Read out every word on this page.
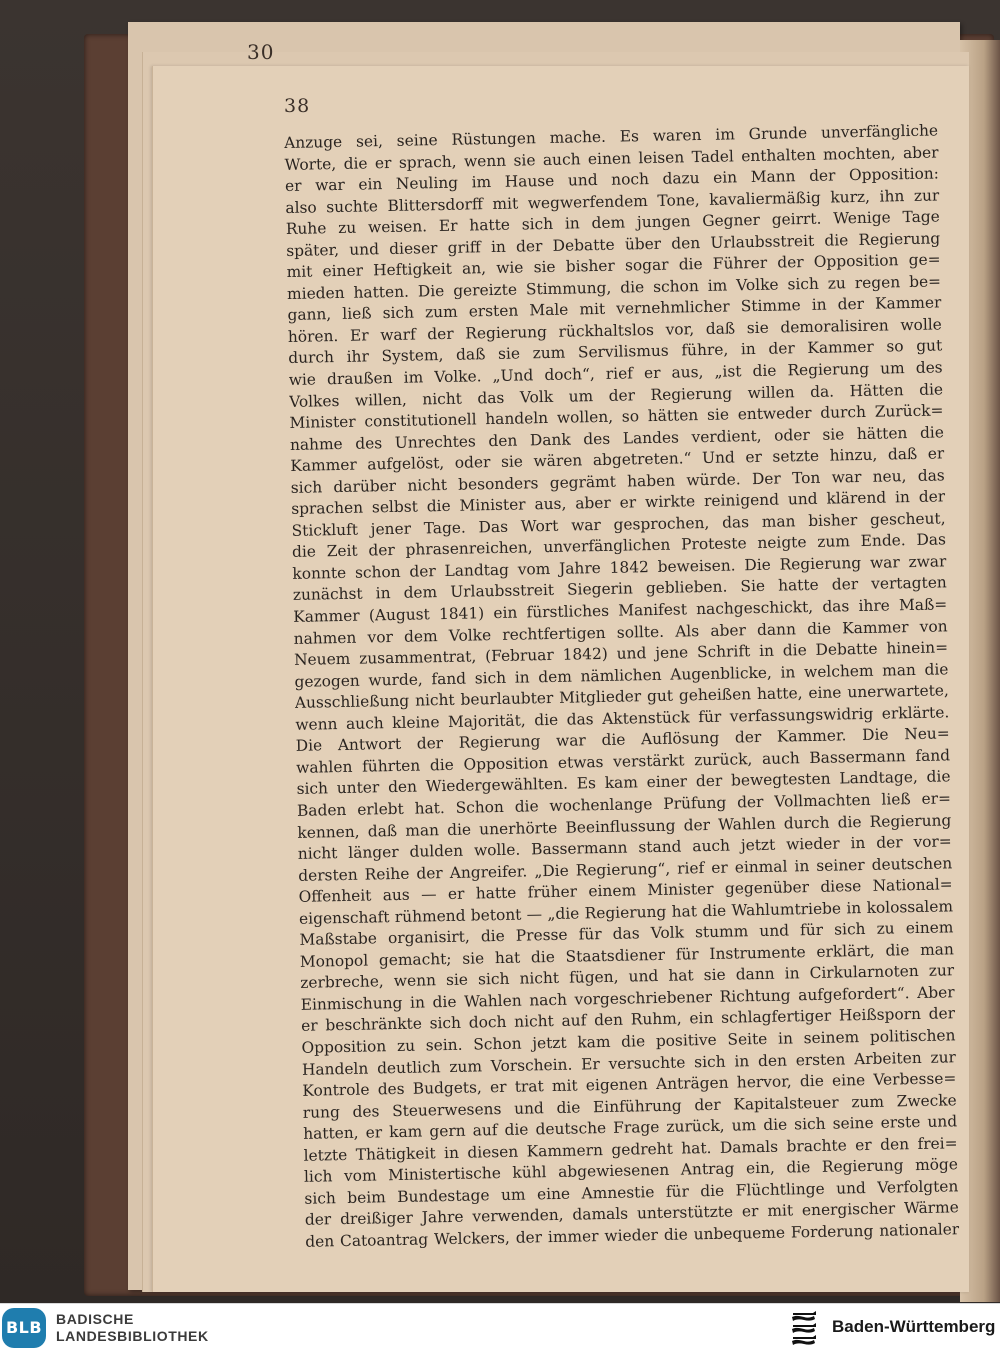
30
38
Anzuge sei, seine Rüstungen mache. Es waren im Grunde unverfängliche
Worte, die er sprach, wenn sie auch einen leisen Tadel enthalten mochten, aber
er war ein Neuling im Hause und noch dazu ein Mann der Opposition:
also suchte Blittersdorff mit wegwerfendem Tone, kavaliermäßig kurz, ihn zur
Ruhe zu weisen. Er hatte sich in dem jungen Gegner geirrt. Wenige Tage
später, und dieser griff in der Debatte über den Urlaubsstreit die Regierung
mit einer Heftigkeit an, wie sie bisher sogar die Führer der Opposition ge=
mieden hatten. Die gereizte Stimmung, die schon im Volke sich zu regen be=
gann, ließ sich zum ersten Male mit vernehmlicher Stimme in der Kammer
hören. Er warf der Regierung rückhaltslos vor, daß sie demoralisiren wolle
durch ihr System, daß sie zum Servilismus führe, in der Kammer so gut
wie draußen im Volke. „Und doch“, rief er aus, „ist die Regierung um des
Volkes willen, nicht das Volk um der Regierung willen da. Hätten die
Minister constitutionell handeln wollen, so hätten sie entweder durch Zurück=
nahme des Unrechtes den Dank des Landes verdient, oder sie hätten die
Kammer aufgelöst, oder sie wären abgetreten.“ Und er setzte hinzu, daß er
sich darüber nicht besonders gegrämt haben würde. Der Ton war neu, das
sprachen selbst die Minister aus, aber er wirkte reinigend und klärend in der
Stickluft jener Tage. Das Wort war gesprochen, das man bisher gescheut,
die Zeit der phrasenreichen, unverfänglichen Proteste neigte zum Ende. Das
konnte schon der Landtag vom Jahre 1842 beweisen. Die Regierung war zwar
zunächst in dem Urlaubsstreit Siegerin geblieben. Sie hatte der vertagten
Kammer (August 1841) ein fürstliches Manifest nachgeschickt, das ihre Maß=
nahmen vor dem Volke rechtfertigen sollte. Als aber dann die Kammer von
Neuem zusammentrat, (Februar 1842) und jene Schrift in die Debatte hinein=
gezogen wurde, fand sich in dem nämlichen Augenblicke, in welchem man die
Ausschließung nicht beurlaubter Mitglieder gut geheißen hatte, eine unerwartete,
wenn auch kleine Majorität, die das Aktenstück für verfassungswidrig erklärte.
Die Antwort der Regierung war die Auflösung der Kammer. Die Neu=
wahlen führten die Opposition etwas verstärkt zurück, auch Bassermann fand
sich unter den Wiedergewählten. Es kam einer der bewegtesten Landtage, die
Baden erlebt hat. Schon die wochenlange Prüfung der Vollmachten ließ er=
kennen, daß man die unerhörte Beeinflussung der Wahlen durch die Regierung
nicht länger dulden wolle. Bassermann stand auch jetzt wieder in der vor=
dersten Reihe der Angreifer. „Die Regierung“, rief er einmal in seiner deutschen
Offenheit aus — er hatte früher einem Minister gegenüber diese National=
eigenschaft rühmend betont — „die Regierung hat die Wahlumtriebe in kolossalem
Maßstabe organisirt, die Presse für das Volk stumm und für sich zu einem
Monopol gemacht; sie hat die Staatsdiener für Instrumente erklärt, die man
zerbreche, wenn sie sich nicht fügen, und hat sie dann in Cirkularnoten zur
Einmischung in die Wahlen nach vorgeschriebener Richtung aufgefordert“. Aber
er beschränkte sich doch nicht auf den Ruhm, ein schlagfertiger Heißsporn der
Opposition zu sein. Schon jetzt kam die positive Seite in seinem politischen
Handeln deutlich zum Vorschein. Er versuchte sich in den ersten Arbeiten zur
Kontrole des Budgets, er trat mit eigenen Anträgen hervor, die eine Verbesse=
rung des Steuerwesens und die Einführung der Kapitalsteuer zum Zwecke
hatten, er kam gern auf die deutsche Frage zurück, um die sich seine erste und
letzte Thätigkeit in diesen Kammern gedreht hat. Damals brachte er den frei=
lich vom Ministertische kühl abgewiesenen Antrag ein, die Regierung möge
sich beim Bundestage um eine Amnestie für die Flüchtlinge und Verfolgten
der dreißiger Jahre verwenden, damals unterstützte er mit energischer Wärme
den Catoantrag Welckers, der immer wieder die unbequeme Forderung nationaler
BLB BADISCHE
LANDESBIBLIOTHEK	Baden-Württemberg
